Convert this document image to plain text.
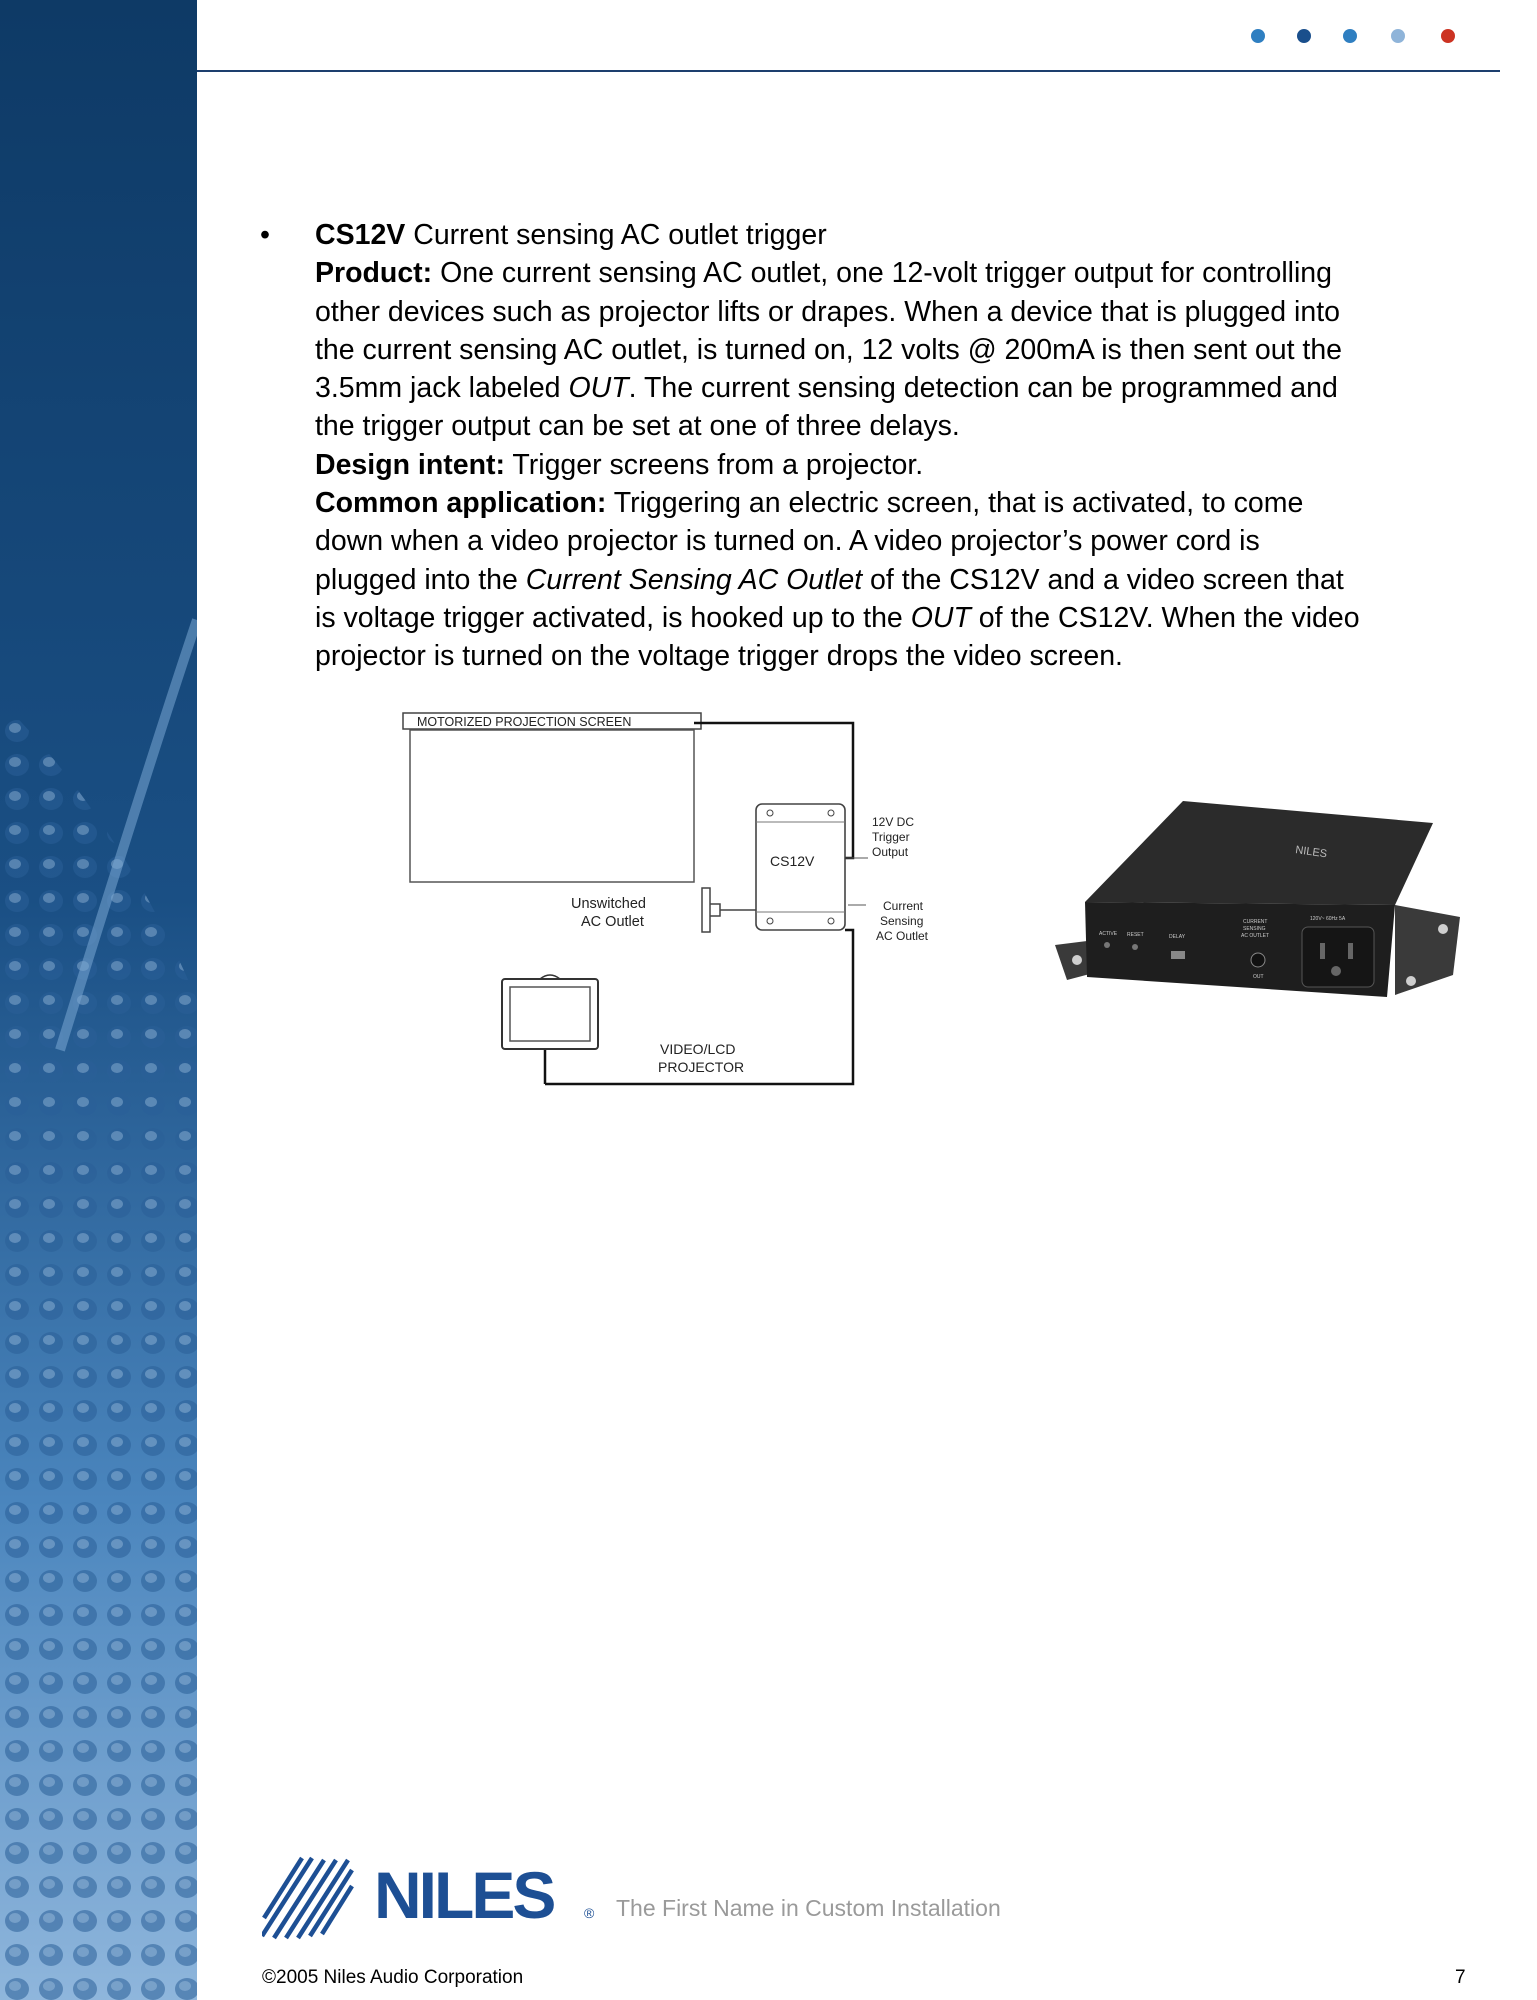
•	CS12V Current sensing AC outlet trigger
Product: One current sensing AC outlet, one 12-volt trigger output for controlling
other devices such as projector lifts or drapes. When a device that is plugged into
the current sensing AC outlet, is turned on, 12 volts @ 200mA is then sent out the
3.5mm jack labeled OUT. The current sensing detection can be programmed and
the trigger output can be set at one of three delays.
Design intent: Trigger screens from a projector.
Common application: Triggering an electric screen, that is activated, to come
down when a video projector is turned on. A video projector’s power cord is
plugged into the Current Sensing AC Outlet of the CS12V and a video screen that
is voltage trigger activated, is hooked up to the OUT of the CS12V. When the video
projector is turned on the voltage trigger drops the video screen.
MOTORIZED PROJECTION SCREEN
CS12V
12V DC Trigger Output
Current Sensing AC Outlet
Unswitched AC Outlet
VIDEO/LCD PROJECTOR
ACTIVE RESET	DELAY
CURRENT
SENSING
AC OUTLET
OUT
120V~ 60Hz 5A
NILES
NILES ® The First Name in Custom Installation
©2005 Niles Audio Corporation	7
